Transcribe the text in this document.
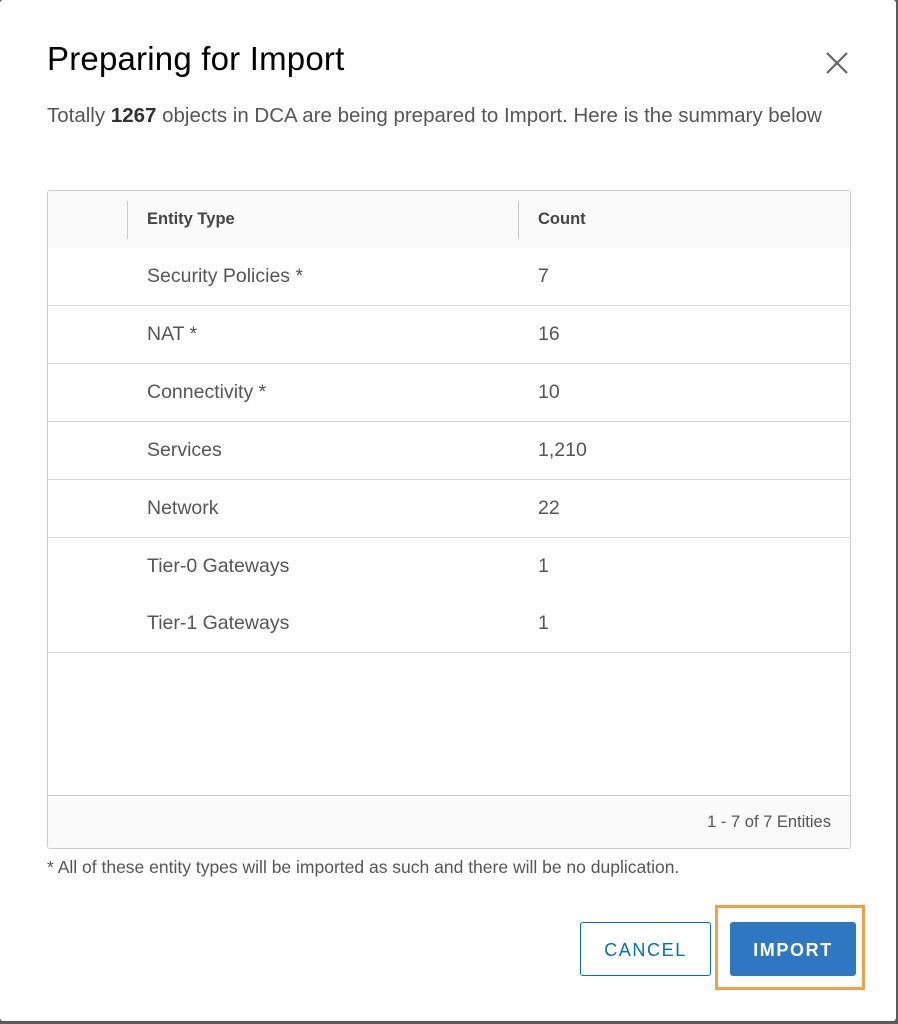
Preparing for Import
Totally 1267 objects in DCA are being prepared to Import. Here is the summary below
Entity Type	Count
Security Policies *	7
NAT *	16
Connectivity *	10
Services	1,210
Network	22
Tier-0 Gateways	1
Tier-1 Gateways	1
1 - 7 of 7 Entities
* All of these entity types will be imported as such and there will be no duplication.
CANCEL	IMPORT
